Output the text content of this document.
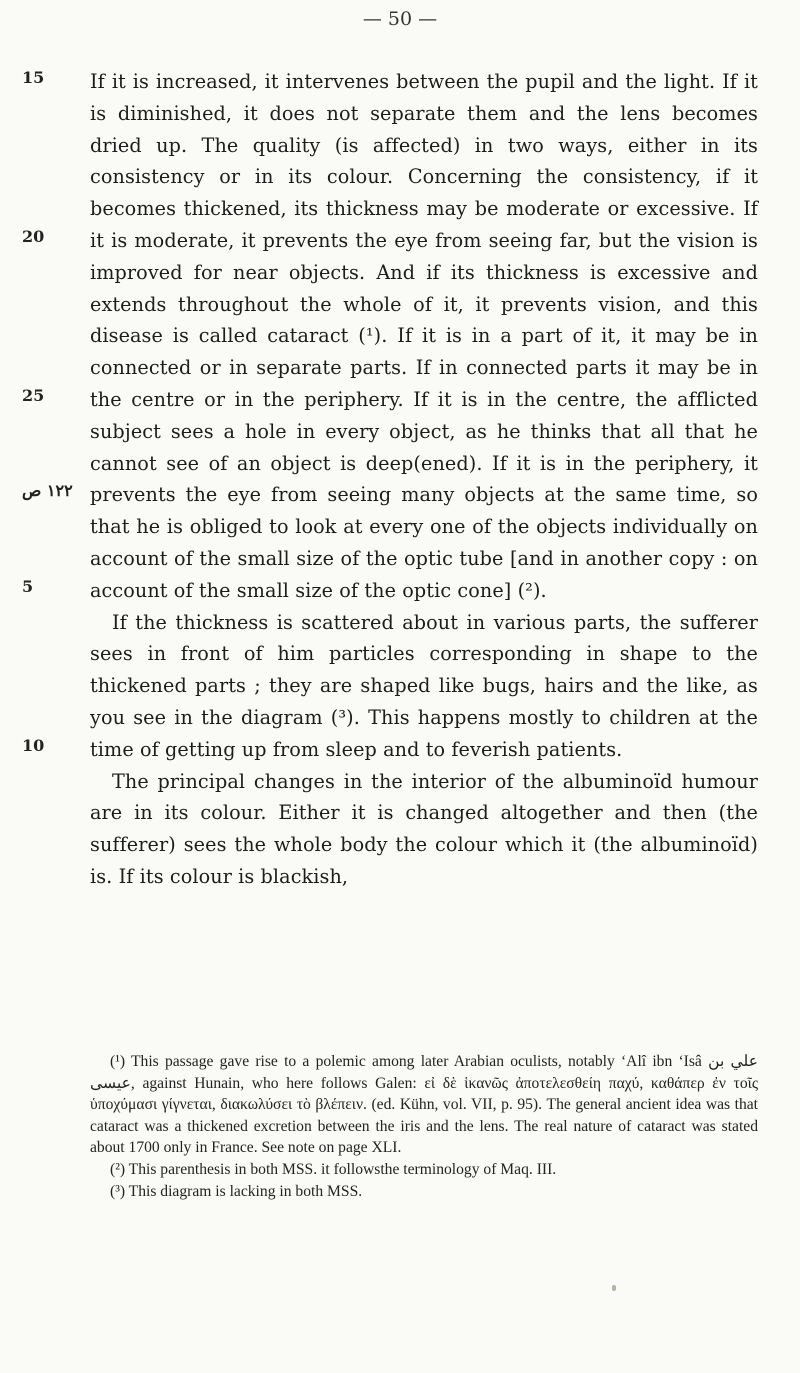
— 50 —
15
20
25
١٢٢ ص
5
10

If it is increased, it intervenes between the pupil and the light. If it is diminished, it does not separate them and the lens becomes dried up. The quality (is affected) in two ways, either in its consistency or in its colour. Concerning the consistency, if it becomes thickened, its thickness may be moderate or excessive. If it is moderate, it prevents the eye from seeing far, but the vision is improved for near objects. And if its thickness is excessive and extends throughout the whole of it, it prevents vision, and this disease is called cataract (¹). If it is in a part of it, it may be in connected or in separate parts. If in connected parts it may be in the centre or in the periphery. If it is in the centre, the afflicted subject sees a hole in every object, as he thinks that all that he cannot see of an object is deep(ened). If it is in the periphery, it prevents the eye from seeing many objects at the same time, so that he is obliged to look at every one of the objects individually on account of the small size of the optic tube [and in another copy : on account of the small size of the optic cone] (²).

If the thickness is scattered about in various parts, the sufferer sees in front of him particles corresponding in shape to the thickened parts ; they are shaped like bugs, hairs and the like, as you see in the diagram (³). This happens mostly to children at the time of getting up from sleep and to feverish patients.

The principal changes in the interior of the albuminoïd humour are in its colour. Either it is changed altogether and then (the sufferer) sees the whole body the colour which it (the albuminoïd) is. If its colour is blackish,

(¹) This passage gave rise to a polemic among later Arabian oculists, notably ‘Alî ibn ‘Isâ علي بن عيسى, against Hunain, who here follows Galen: εἰ δὲ ἱκανῶς ἀποτελεσθείη παχύ, καθάπερ ἐν τοῖς ὑποχύμασι γίγνεται, διακωλύσει τὸ βλέπειν. (ed. Kühn, vol. VII, p. 95). The general ancient idea was that cataract was a thickened excretion between the iris and the lens. The real nature of cataract was stated about 1700 only in France. See note on page XLI.

(²) This parenthesis in both MSS. it followsthe terminology of Maq. III.

(³) This diagram is lacking in both MSS.
